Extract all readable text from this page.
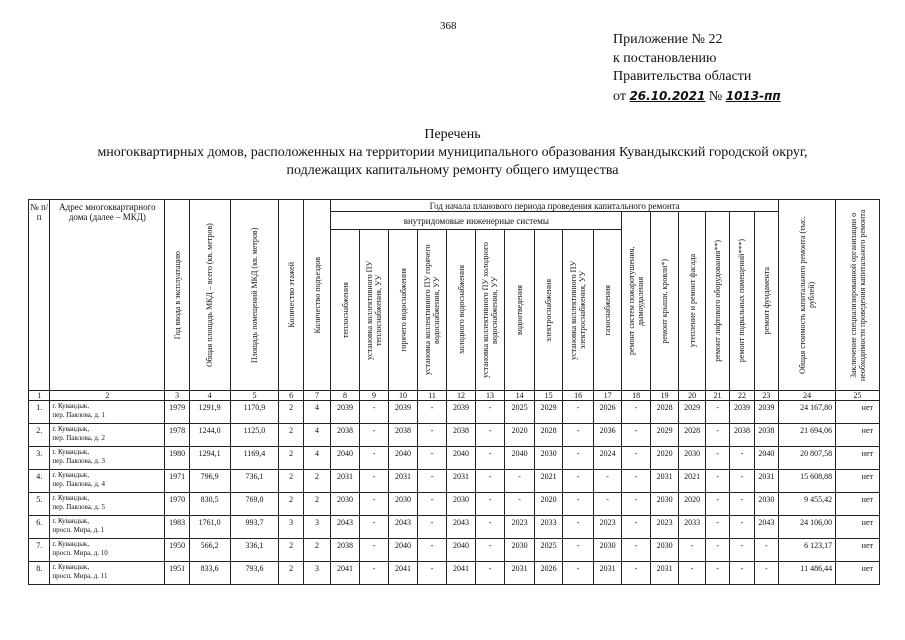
368
Приложение № 22
к постановлению
Правительства области
от 26.10.2021 № 1013-пп
Перечень
многоквартирных домов, расположенных на территории муниципального образования Кувандыкский городской округ,
подлежащих капитальному ремонту общего имущества
№ п/п	Адрес многоквартирного дома (далее – МКД)	Год ввода в эксплуатацию	Общая площадь МКД – всего (кв. метров)	Площадь помещений МКД (кв. метров)	Количество этажей	Количество подъездов	Год начала планового периода проведения капитального ремонта																Общая стоимость капитального ремонта (тыс. рублей)	Заключение специализированной организации о необходимости проведения капитального ремонта

							внутридомовые инженерные системы										ремонт систем пожаротушения, дымоудаления	ремонт крыши, кровли*)	утепление и ремонт фасада	ремонт лифтового оборудования**)	ремонт подвальных помещений***)	ремонт фундамента		

							теплоснабжения	установка коллективного ПУ теплоснабжения, УУ	горячего водоснабжения	установка коллективного ПУ горячего водоснабжения, УУ	холодного водоснабжения	установка коллективного ПУ холодного водоснабжения, УУ	водоотведения	электроснабжения	установка коллективного ПУ электроснабжения, УУ	газоснабжения								

1	2	3	4	5	6	7	8	9	10	11	12	13	14	15	16	17	18	19	20	21	22	23	24	25
1.	г. Кувандык,
пер. Павлова, д. 1	1979	1291,9	1170,9	2	4	2039	-	2039	-	2039	-	2025	2029	-	2026	-	2028	2029	-	2039	2039	24 167,80	нет
2.	г. Кувандык,
пер. Павлова, д. 2	1978	1244,0	1125,0	2	4	2038	-	2038	-	2038	-	2020	2028	-	2036	-	2029	2028	-	2038	2038	21 694,06	нет
3.	г. Кувандык,
пер. Павлова, д. 3	1980	1294,1	1169,4	2	4	2040	-	2040	-	2040	-	2040	2030	-	2024	-	2020	2030	-	-	2040	20 807,58	нет
4.	г. Кувандык,
пер. Павлова, д. 4	1971	796,9	736,1	2	2	2031	-	2031	-	2031	-	-	2021	-	-	-	2031	2021	-	-	2031	15 608,88	нет
5.	г. Кувандык,
пер. Павлова, д. 5	1970	830,5	769,0	2	2	2030	-	2030	-	2030	-	-	2020	-	-	-	2030	2020	-	-	2030	9 455,42	нет
6.	г. Кувандык,
просп. Мира, д. 1	1983	1761,0	993,7	3	3	2043	-	2043	-	2043	-	2023	2033	-	2023	-	2023	2033	-	-	2043	24 106,00	нет
7.	г. Кувандык,
просп. Мира, д. 10	1950	566,2	336,1	2	2	2038	-	2040	-	2040	-	2030	2025	-	2030	-	2030	-	-	-	-	6 123,17	нет
8.	г. Кувандык,
просп. Мира, д. 11	1951	833,6	793,6	2	3	2041	-	2041	-	2041	-	2031	2026	-	2031	-	2031	-	-	-	-	11 486,44	нет
